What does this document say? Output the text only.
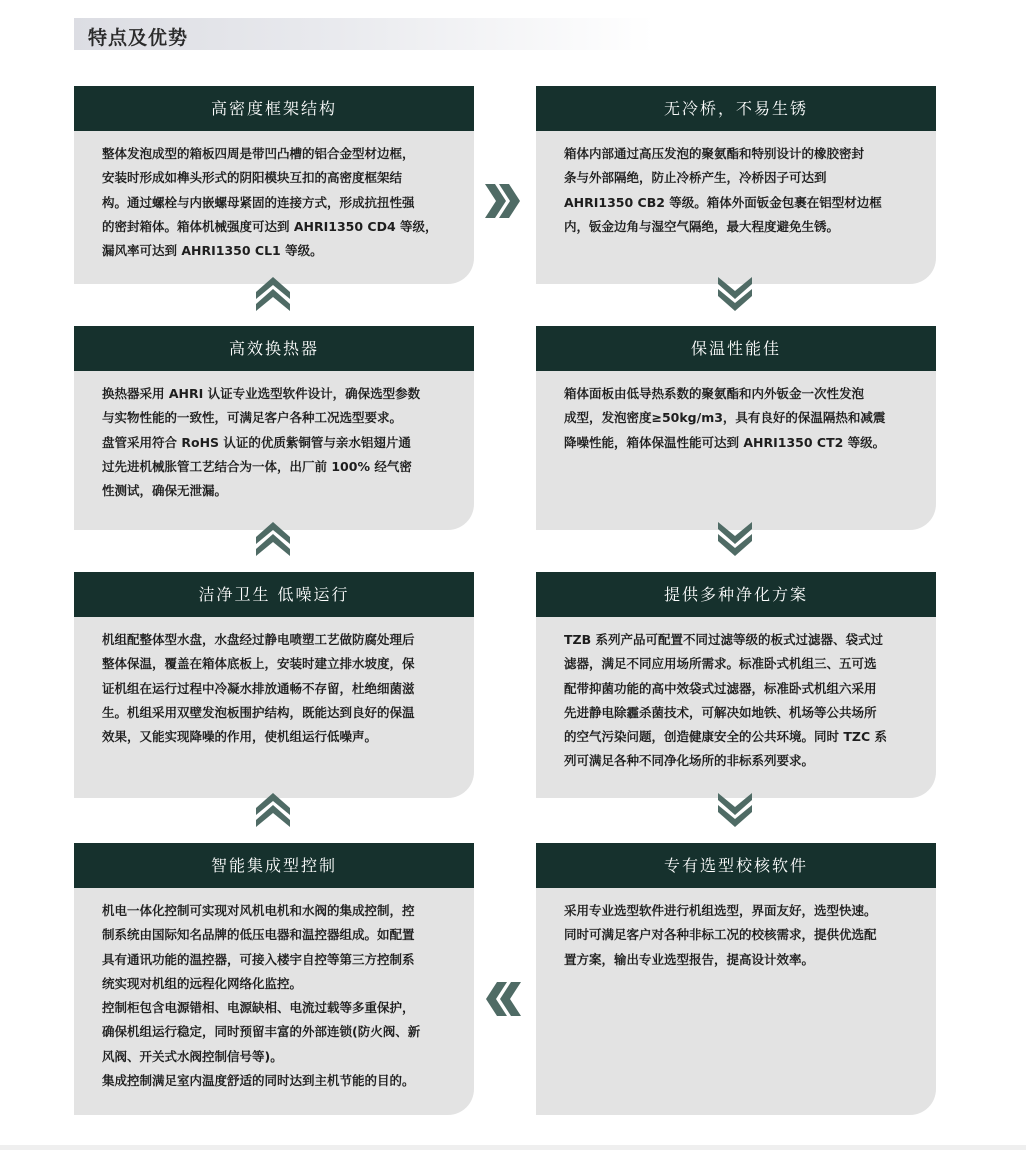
特点及优势
高密度框架结构

整体发泡成型的箱板四周是带凹凸槽的铝合金型材边框，
安装时形成如榫头形式的阴阳模块互扣的高密度框架结
构。通过螺栓与内嵌螺母紧固的连接方式，形成抗扭性强
的密封箱体。箱体机械强度可达到 AHRI1350 CD4 等级，
漏风率可达到 AHRI1350 CL1 等级。

无冷桥，不易生锈

箱体内部通过高压发泡的聚氨酯和特别设计的橡胶密封
条与外部隔绝，防止冷桥产生，冷桥因子可达到
AHRI1350 CB2 等级。箱体外面钣金包裹在铝型材边框
内，钣金边角与湿空气隔绝，最大程度避免生锈。

高效换热器

换热器采用 AHRI 认证专业选型软件设计，确保选型参数
与实物性能的一致性，可满足客户各种工况选型要求。
盘管采用符合 RoHS 认证的优质紫铜管与亲水铝翅片通
过先进机械胀管工艺结合为一体，出厂前 100% 经气密
性测试，确保无泄漏。

保温性能佳

箱体面板由低导热系数的聚氨酯和内外钣金一次性发泡
成型，发泡密度≥50kg/m3，具有良好的保温隔热和减震
降噪性能，箱体保温性能可达到 AHRI1350 CT2 等级。

洁净卫生 低噪运行

机组配整体型水盘，水盘经过静电喷塑工艺做防腐处理后
整体保温，覆盖在箱体底板上，安装时建立排水坡度，保
证机组在运行过程中冷凝水排放通畅不存留，杜绝细菌滋
生。机组采用双壁发泡板围护结构，既能达到良好的保温
效果，又能实现降噪的作用，使机组运行低噪声。

提供多种净化方案

TZB 系列产品可配置不同过滤等级的板式过滤器、袋式过
滤器，满足不同应用场所需求。标准卧式机组三、五可选
配带抑菌功能的高中效袋式过滤器，标准卧式机组六采用
先进静电除霾杀菌技术，可解决如地铁、机场等公共场所
的空气污染问题，创造健康安全的公共环境。同时 TZC 系
列可满足各种不同净化场所的非标系列要求。

智能集成型控制

机电一体化控制可实现对风机电机和水阀的集成控制，控
制系统由国际知名品牌的低压电器和温控器组成。如配置
具有通讯功能的温控器，可接入楼宇自控等第三方控制系
统实现对机组的远程化网络化监控。
控制柜包含电源错相、电源缺相、电流过载等多重保护，
确保机组运行稳定，同时预留丰富的外部连锁(防火阀、新
风阀、开关式水阀控制信号等)。
集成控制满足室内温度舒适的同时达到主机节能的目的。

专有选型校核软件

采用专业选型软件进行机组选型，界面友好，选型快速。
同时可满足客户对各种非标工况的校核需求，提供优选配
置方案，输出专业选型报告，提高设计效率。
